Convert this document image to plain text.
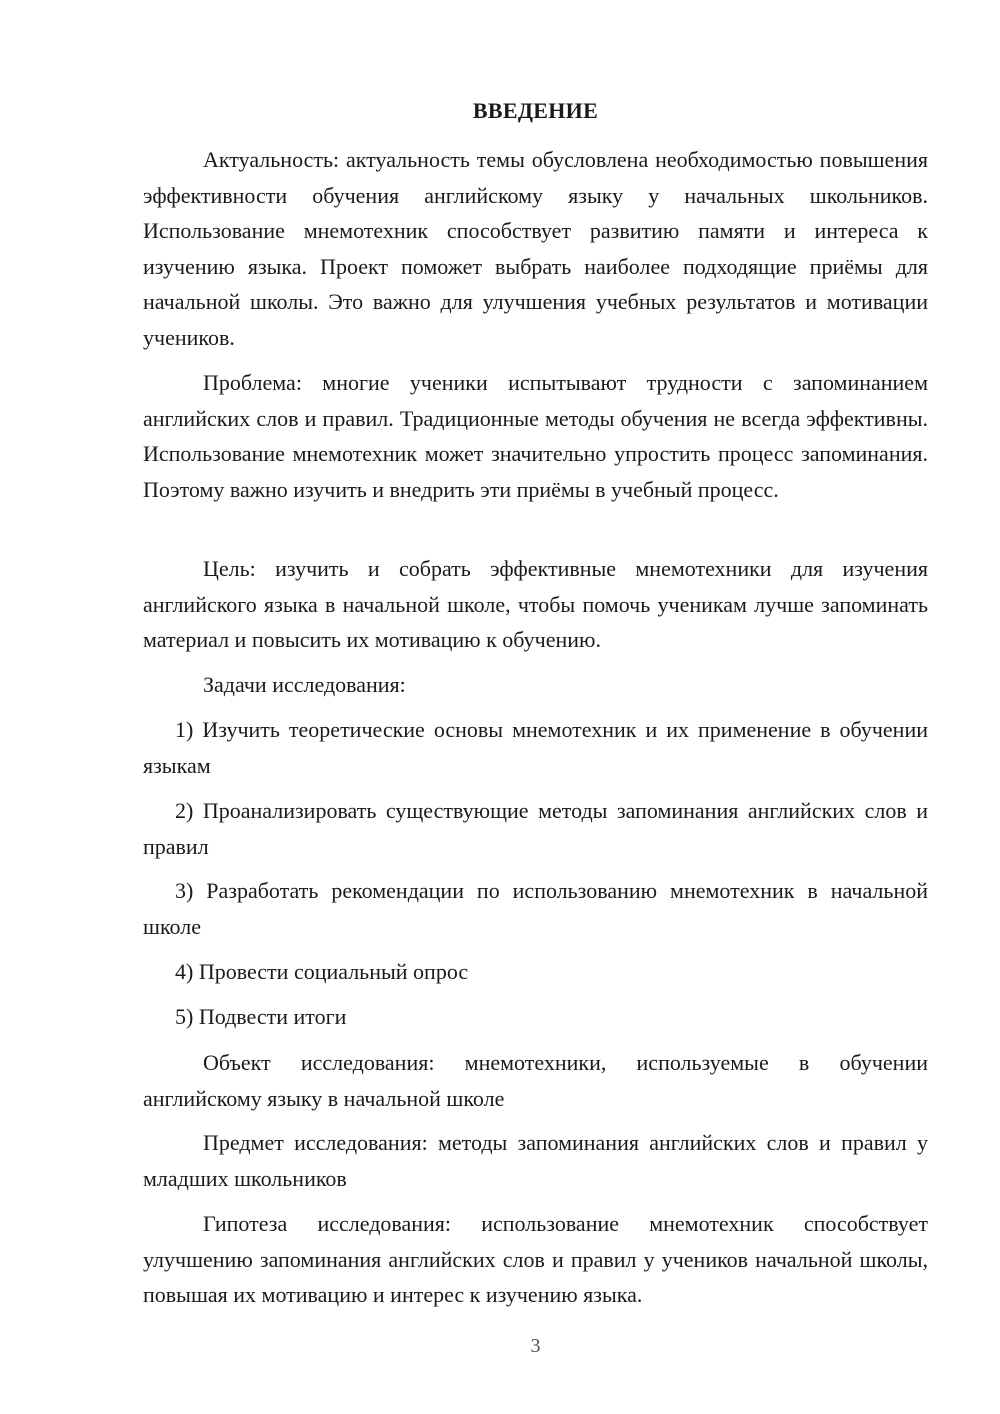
ВВЕДЕНИЕ

Актуальность: актуальность темы обусловлена необходимостью повышения эффективности обучения английскому языку у начальных школьников. Использование мнемотехник способствует развитию памяти и интереса к изучению языка. Проект поможет выбрать наиболее подходящие приёмы для начальной школы. Это важно для улучшения учебных результатов и мотивации учеников.

Проблема: многие ученики испытывают трудности с запоминанием английских слов и правил. Традиционные методы обучения не всегда эффективны. Использование мнемотехник может значительно упростить процесс запоминания. Поэтому важно изучить и внедрить эти приёмы в учебный процесс.

Цель: изучить и собрать эффективные мнемотехники для изучения английского языка в начальной школе, чтобы помочь ученикам лучше запоминать материал и повысить их мотивацию к обучению.

Задачи исследования:

1) Изучить теоретические основы мнемотехник и их применение в обучении языкам

2) Проанализировать существующие методы запоминания английских слов и правил

3) Разработать рекомендации по использованию мнемотехник в начальной школе

4) Провести социальный опрос

5) Подвести итоги

Объект исследования: мнемотехники, используемые в обучении английскому языку в начальной школе

Предмет исследования: методы запоминания английских слов и правил у младших школьников

Гипотеза исследования: использование мнемотехник способствует улучшению запоминания английских слов и правил у учеников начальной школы, повышая их мотивацию и интерес к изучению языка.

3
